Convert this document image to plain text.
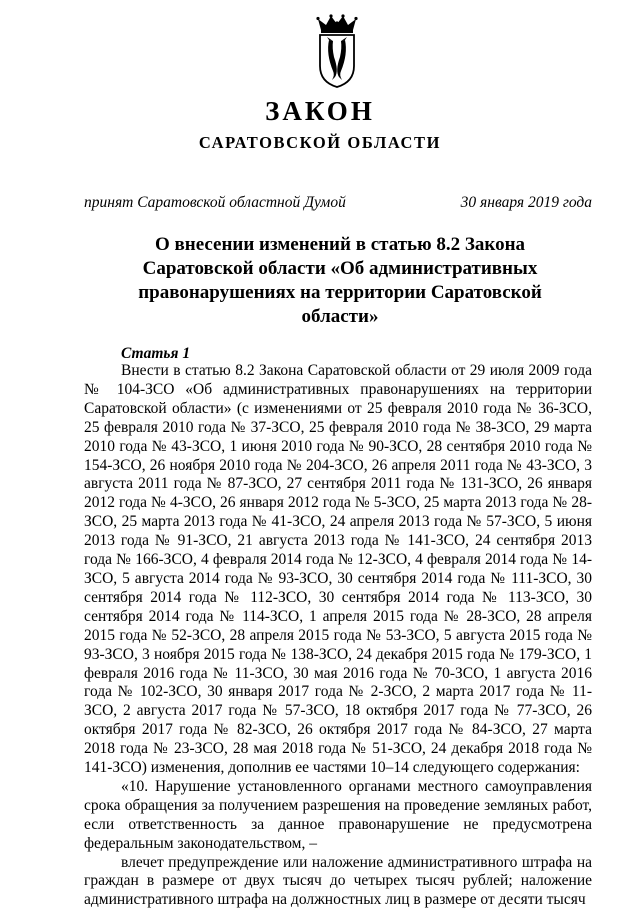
ЗАКОН
САРАТОВСКОЙ ОБЛАСТИ
принят Саратовской областной Думой	30 января 2019 года
О внесении изменений в статью 8.2 Закона Саратовской области «Об административных правонарушениях на территории Саратовской области»
Статья 1

Внести в статью 8.2 Закона Саратовской области от 29 июля 2009 года № 104-ЗСО «Об административных правонарушениях на территории Саратовской области» (с изменениями от 25 февраля 2010 года № 36-ЗСО, 25 февраля 2010 года № 37-ЗСО, 25 февраля 2010 года № 38-ЗСО, 29 марта 2010 года № 43-ЗСО, 1 июня 2010 года № 90-ЗСО, 28 сентября 2010 года № 154-ЗСО, 26 ноября 2010 года № 204-ЗСО, 26 апреля 2011 года № 43-ЗСО, 3 августа 2011 года № 87-ЗСО, 27 сентября 2011 года № 131-ЗСО, 26 января 2012 года № 4-ЗСО, 26 января 2012 года № 5-ЗСО, 25 марта 2013 года № 28-ЗСО, 25 марта 2013 года № 41-ЗСО, 24 апреля 2013 года № 57-ЗСО, 5 июня 2013 года № 91-ЗСО, 21 августа 2013 года № 141-ЗСО, 24 сентября 2013 года № 166-ЗСО, 4 февраля 2014 года № 12-ЗСО, 4 февраля 2014 года № 14-ЗСО, 5 августа 2014 года № 93-ЗСО, 30 сентября 2014 года № 111-ЗСО, 30 сентября 2014 года № 112-ЗСО, 30 сентября 2014 года № 113-ЗСО, 30 сентября 2014 года № 114-ЗСО, 1 апреля 2015 года № 28-ЗСО, 28 апреля 2015 года № 52-ЗСО, 28 апреля 2015 года № 53-ЗСО, 5 августа 2015 года № 93-ЗСО, 3 ноября 2015 года № 138-ЗСО, 24 декабря 2015 года № 179-ЗСО, 1 февраля 2016 года № 11-ЗСО, 30 мая 2016 года № 70-ЗСО, 1 августа 2016 года № 102-ЗСО, 30 января 2017 года № 2-ЗСО, 2 марта 2017 года № 11-ЗСО, 2 августа 2017 года № 57-ЗСО, 18 октября 2017 года № 77-ЗСО, 26 октября 2017 года № 82-ЗСО, 26 октября 2017 года № 84-ЗСО, 27 марта 2018 года № 23-ЗСО, 28 мая 2018 года № 51-ЗСО, 24 декабря 2018 года № 141-ЗСО) изменения, дополнив ее частями 10–14 следующего содержания:

«10. Нарушение установленного органами местного самоуправления срока обращения за получением разрешения на проведение земляных работ, если ответственность за данное правонарушение не предусмотрена федеральным законодательством, –

влечет предупреждение или наложение административного штрафа на граждан в размере от двух тысяч до четырех тысяч рублей; наложение административного штрафа на должностных лиц в размере от десяти тысяч
